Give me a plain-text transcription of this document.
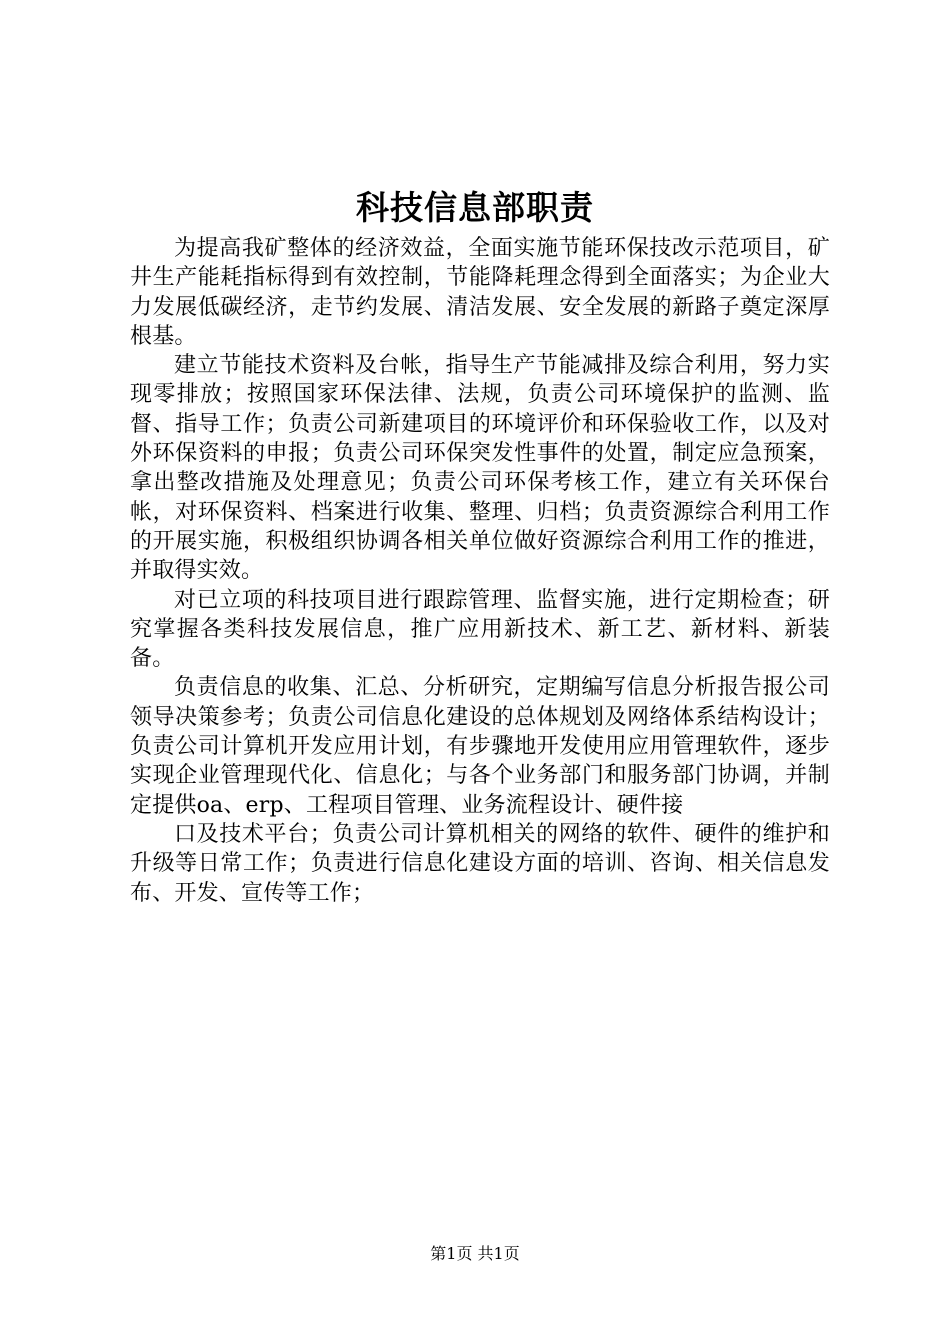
科技信息部职责

为提高我矿整体的经济效益，全面实施节能环保技改示范项目，矿井生产能耗指标得到有效控制，节能降耗理念得到全面落实；为企业大力发展低碳经济，走节约发展、清洁发展、安全发展的新路子奠定深厚根基。

建立节能技术资料及台帐，指导生产节能减排及综合利用，努力实现零排放；按照国家环保法律、法规，负责公司环境保护的监测、监督、指导工作；负责公司新建项目的环境评价和环保验收工作，以及对外环保资料的申报；负责公司环保突发性事件的处置，制定应急预案，拿出整改措施及处理意见；负责公司环保考核工作，建立有关环保台帐，对环保资料、档案进行收集、整理、归档；负责资源综合利用工作的开展实施，积极组织协调各相关单位做好资源综合利用工作的推进，并取得实效。

对已立项的科技项目进行跟踪管理、监督实施，进行定期检查；研究掌握各类科技发展信息，推广应用新技术、新工艺、新材料、新装备。

负责信息的收集、汇总、分析研究，定期编写信息分析报告报公司领导决策参考；负责公司信息化建设的总体规划及网络体系结构设计；负责公司计算机开发应用计划，有步骤地开发使用应用管理软件，逐步实现企业管理现代化、信息化；与各个业务部门和服务部门协调，并制定提供oa、erp、工程项目管理、业务流程设计、硬件接

口及技术平台；负责公司计算机相关的网络的软件、硬件的维护和升级等日常工作；负责进行信息化建设方面的培训、咨询、相关信息发布、开发、宣传等工作；

第1页 共1页
